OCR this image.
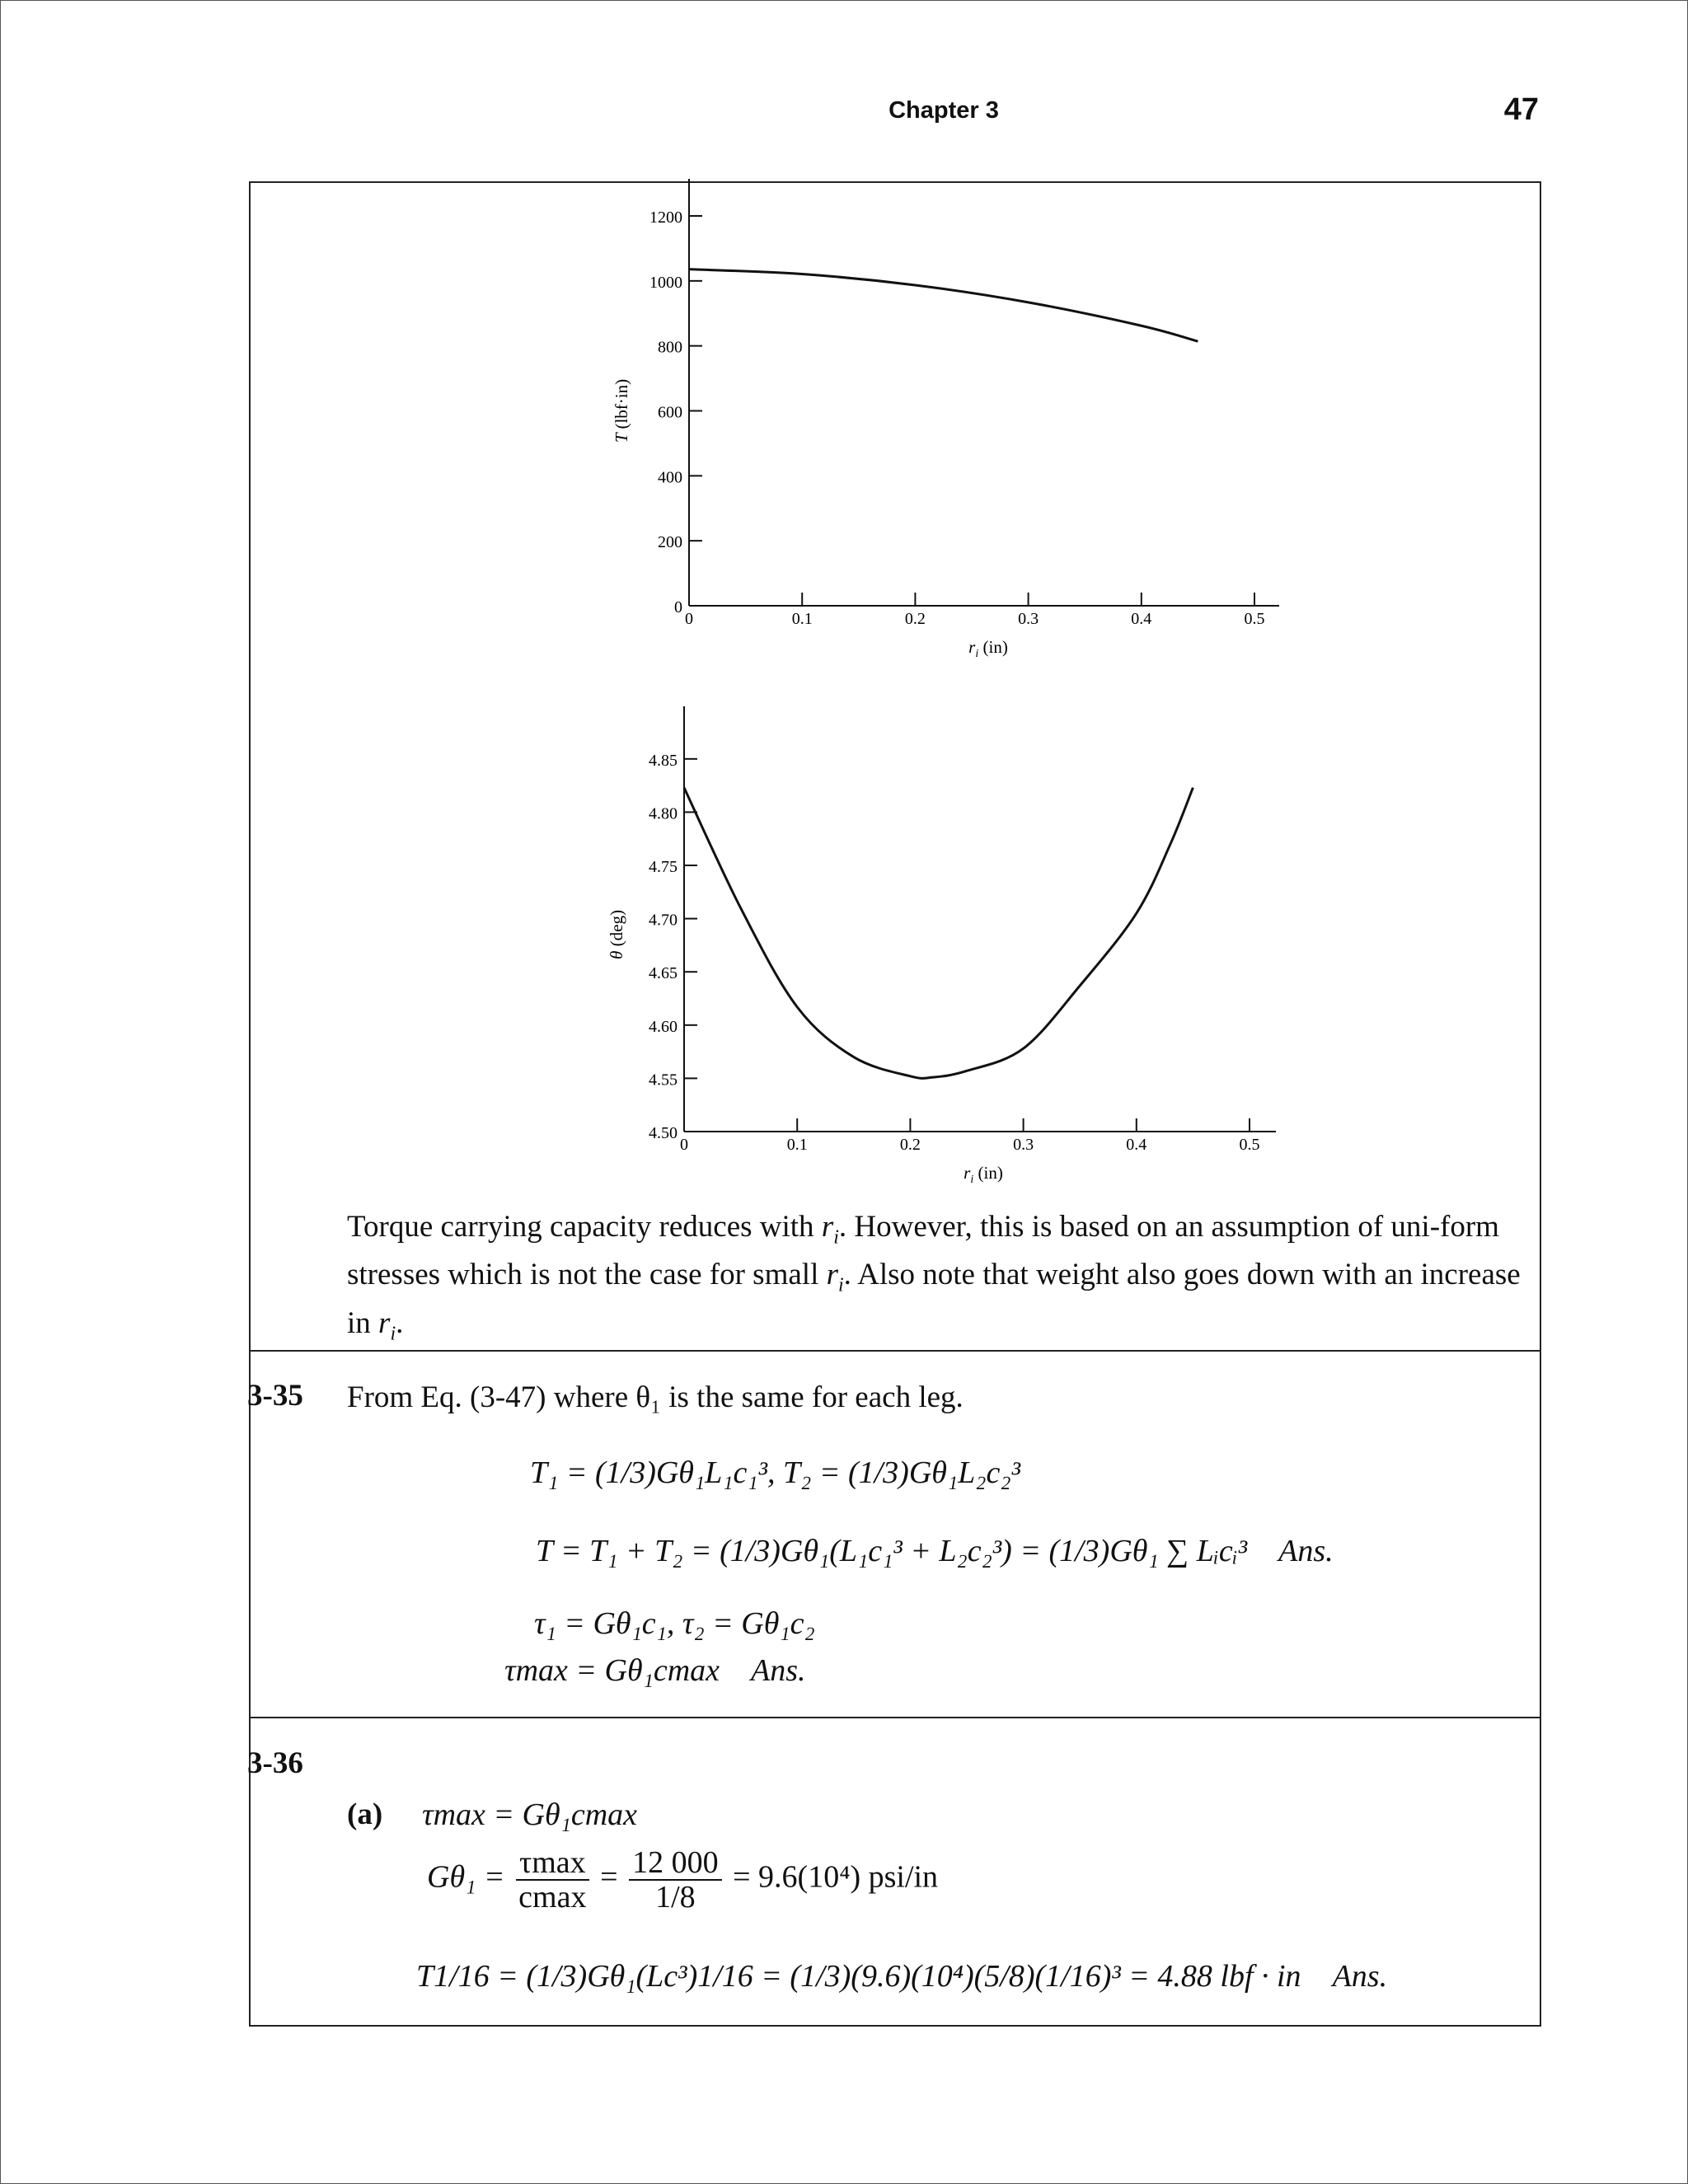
Chapter 3	47
0
200
400
600
800
1000
1200
0	0.1	0.2	0.3	0.4	0.5
$r_i$ (in)
T (lbf·in)
4.50
4.55
4.60
4.65
4.70
4.75
4.80
4.85
0	0.1	0.2	0.3	0.4	0.5
$r_i$ (in)
θ (deg)
Torque carrying capacity reduces with $r_i$. However, this is based on an assumption of uni-form stresses which is not the case for small $r_i$. Also note that weight also goes down with an increase in $r_i$.
3-35 From Eq. (3-47) where θ₁ is the same for each leg.
T₁ = (1/3)Gθ₁L₁c₁³, T₂ = (1/3)Gθ₁L₂c₂³
T = T₁ + T₂ = (1/3)Gθ₁(L₁c₁³ + L₂c₂³) = (1/3)Gθ₁ ∑ Lᵢcᵢ³ Ans.
τ₁ = Gθ₁c₁, τ₂ = Gθ₁c₂
τmax = Gθ₁cmax Ans.
3-36
(a) τmax = Gθ₁cmax
$G\theta_1 = \frac{\tau\max}{cmax} = \frac{12 000}{1/8} = 9.6(10^4)$ psi/in
T1/16 = (1/3)Gθ₁(Lc³)1/16 = (1/3)(9.6)(10⁴)(5/8)(1/16)³ = 4.88 lbf · in Ans.
